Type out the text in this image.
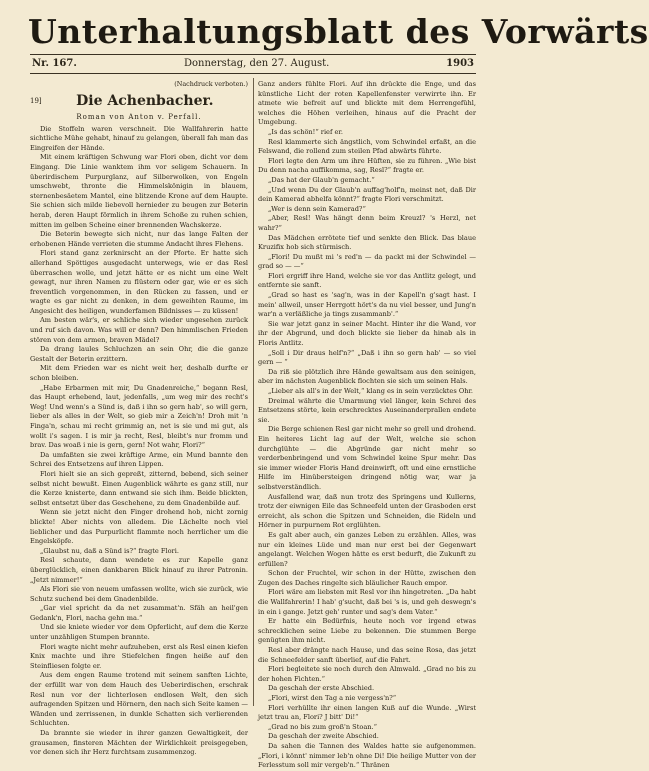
Unterhaltungsblatt des Vorwärts
Nr. 167.	Donnerstag, den 27. August.	1903
(Nachdruck verboten.)
19]	Die Achenbacher.
Roman von Anton v. Perfall.

Die Stoffeln waren verschneit. Die Wallfahrerin hatte sichtliche Mühe gehabt, hinauf zu gelangen, überall fah man das Eingreifen der Hände.

Mit einem kräftigen Schwung war Flori oben, dicht vor dem Eingang. Die Linie wanktem ihm vor seligem Schauern. In überirdischem Purpurglanz, auf Silberwolken, von Engeln umschwebt, thronte die Himmelskönigin in blauem, sternenbesäetem Mantel, eine blitzende Krone auf dem Haupte. Sie schien sich milde liebevoll hernieder zu beugen zur Beterin herab, deren Haupt förmlich in ihrem Schoße zu ruhen schien, mitten im gelben Scheine einer brennenden Wachskerze.

Die Beterin bewegte sich nicht, nur das lange Falten der erhobenen Hände verrieten die stumme Andacht ihres Flehens.

Flori stand ganz zerknirscht an der Pforte. Er hatte sich allerhand Spöttiges ausgedacht unterwegs, wie er das Resl überraschen wolle, und jetzt hätte er es nicht um eine Welt gewagt, nur ihren Namen zu flüstern oder gar, wie er es sich freventlich vorgenommen, in den Rücken zu fassen, und er wagte es gar nicht zu denken, in dem geweihten Raume, im Angesicht des heiligen, wunderfamen Bildnisses — zu küssen!

Am besten wär's, er schliche sich wieder ungesehen zurück und ruf sich davon. Was will er denn? Den himmlischen Frieden stören von dem armen, braven Mädel?

Da drang laules Schluchzen an sein Ohr, die die ganze Gestalt der Beterin erzittern.

Mit dem Frieden war es nicht weit her, deshalb durfte er schon bleiben.

„Habe Erbarmen mit mir, Du Gnadenreiche,“ begann Resl, das Haupt erhebend, laut, jedenfalls, „um weg mir des recht's Weg! Und wenn's a Sünd is, daß i ihn so gern hab', so will gern, lieber als alles in der Welt, so gieb mir a Zeich'n! Droh mit 'n Finga'n, schau mi recht grimmig an, net is sie und mi gut, als wollt i's sagen. I is mir ja recht, Resl, bleibt's nur fromm und brav. Das woaß i nie is gern, gern! Not wahr, Flori?“

Da umfaßten sie zwei kräftige Arme, ein Mund bannte den Schrei des Entsetzens auf ihren Lippen.

Flori hielt sie an sich gepreßt, zitternd, bebend, sich seiner selbst nicht bewußt. Einen Augenblick währte es ganz still, nur die Kerze knisterte, dann entwand sie sich ihm. Beide blickten, selbst entsetzt über das Geschehene, zu dem Gnadenbilde auf.

Wenn sie jetzt nicht den Finger drohend hob, nicht zornig blickte! Aber nichts von alledem. Die Lächelte noch viel lieblicher und das Purpurlicht flammte noch herrlicher um die Engelsköpfe.

„Glaubst nu, daß a Sünd is?“ fragte Flori.

Resl schaute, dann wendete es zur Kapelle ganz überglücklich, einen dankbaren Blick hinauf zu ihrer Patronin. „Jetzt nimmer!“

Als Flori sie von neuem umfassen wollte, wich sie zurück, wie Schutz suchend bei dem Gnadenbilde.

„Gar viel spricht da da net zusammat'n. Sfäh an heil'gen Gedank'n, Flori, nacha gehn ma.“

Und sie kniete wieder vor dem Opferlicht, auf dem die Kerze unter unzähligen Stumpen brannte.

Flori wagte nicht mehr aufzuheben, erst als Resl einen kiefen Knix machte und ihre Stiefelchen fingen heiße auf den Steinfliesen folgte er.

Aus dem engen Raume trotend mit seinem sanften Lichte, der erfüllt war von dem Hauch des Ueberirdischen, erschrak Resl nun vor der lichterlosen endlosen Welt, den sich aufragenden Spitzen und Hörnern, den nach sich Seite kamen — Wänden und zerrissenen, in dunkle Schatten sich verlierenden Schluchten.

Da brannte sie wieder in ihrer ganzen Gewaltigkeit, der grausamen, finsteren Mächten der Wirklichkeit preisgegeben, vor denen sich ihr Herz furchtsam zusammenzog.

Ganz anders fühlte Flori. Auf ihn drückte die Enge, und das künstliche Licht der roten Kapellenfenster verwirrte ihn. Er atmete wie befreit auf und blickte mit dem Herrengefühl, welches die Höhen verleihen, hinaus auf die Pracht der Umgebung.

„Is das schön!“ rief er.

Resl klammerte sich ängstlich, vom Schwindel erfaßt, an die Felswand, die rollend zum steilen Pfad abwärts führte.

Flori legte den Arm um ihre Hüften, sie zu führen. „Wie bist Du denn nacha auffikomma, sag, Resl?“ fragte er.

„Das hat der Glaub'n gemacht.“

„Und wenn Du der Glaub'n auffag'holf'n, meinst net, daß Dir dein Kamerad abhelfa könnt?“ fragte Flori verschmitzt.

„Wer is denn sein Kamerad?“

„Aber, Resl! Was hängt denn beim Kreuzl? 's Herzl, net wahr?“

Das Mädchen errötete tief und senkte den Blick. Das blaue Kruzifix hob sich stürmisch.

„Flori! Du mußt mi 's red'n — da packt mi der Schwindel — grad so — —“

Flori ergriff ihre Hand, welche sie vor das Antlitz gelegt, und entfernte sie sanft.

„Grad so hast es 'sag'n, was in der Kapell'n g'sagt hast. I mein' allweil, unser Herrgott hört's da nu viel besser, und Jung'n war'n a verläßliche ja tings zusammanb'.“

Sie war jetzt ganz in seiner Macht. Hinter ihr die Wand, vor ihr der Abgrund, und doch blickte sie lieber da hinab als in Floris Antlitz.

„Soll i Dir draus helf'n?“ „Daß i ihn so gern hab' — so viel gern — “

Da riß sie plötzlich ihre Hände gewaltsam aus den seinigen, aber im nächsten Augenblick flochten sie sich um seinen Hals.

„Lieber als all's in der Welt,“ klang es in sein verzücktes Ohr.

Dreimal währte die Umarmung viel länger, kein Schrei des Entsetzens störte, kein erschrecktes Auseinanderprallen endete sie.

Die Berge schienen Resl gar nicht mehr so grell und drohend. Ein heiteres Licht lag auf der Welt, welche sie schon durchglühte — die Abgründe gar nicht mehr so verderbenbringend und vom Schwindel keine Spur mehr. Das sie immer wieder Floris Hand dreinwirft, oft und eine ernstliche Hilfe im Hinübersteigen dringend nötig war, war ja selbstverständlich.

Ausfallend war, daß nun trotz des Springens und Kullerns, trotz der eiwnigen Eile das Schneefeld unten der Grasboden erst erreicht, als schon die Spitzen und Schneiden, die Rideln und Hörner in purpurnem Rot erglühten.

Es galt aber auch, ein ganzes Leben zu erzählen. Alles, was nur ein kleines Lüde und man nur erst bei der Gegenwart angelangt. Welchen Wogen hätte es erst bedurft, die Zukunft zu erfüllen?

Schon der Fruchtel, wir schon in der Hütte, zwischen den Zugen des Daches ringelte sich bläulicher Rauch empor.

Flori wäre am liebsten mit Resl vor ihn hingetreten. „Da habt die Wallfahrerin! I hab' g'sucht, daß bei 's is, und geh deswegn's in ein i gange. Jetzt geh' runter und sag's dem Vater.“

Er hatte ein Bedürfnis, heute noch vor irgend etwas schrecklichen seine Liebe zu bekennen. Die stummen Berge genügten ihm nicht.

Resl aber drängte nach Hause, und das seine Rosa, das jetzt die Schneefelder sanft überlief, auf die Fahrt.

Flori begleitete sie noch durch den Almwald. „Grad no bis zu der hohen Fichten.“

Da geschah der erste Abschied.

„Flori, wirst den Tag a nie vergess'n?“

Flori verhüllte ihr einen langen Kuß auf die Wunde. „Wirst jetzt trau an, Flori? J bitt' Di!“

„Grad no bis zum groß'n Stoan.“

Da geschah der zweite Abschied.

Da sahen die Tannen des Waldes hatte sie aufgenommen. „Flori, i könnt' nimmer leb'n ohne Di! Die heilige Mutter von der Ferlesstum soll mir vergeb'n.“ Thränen
